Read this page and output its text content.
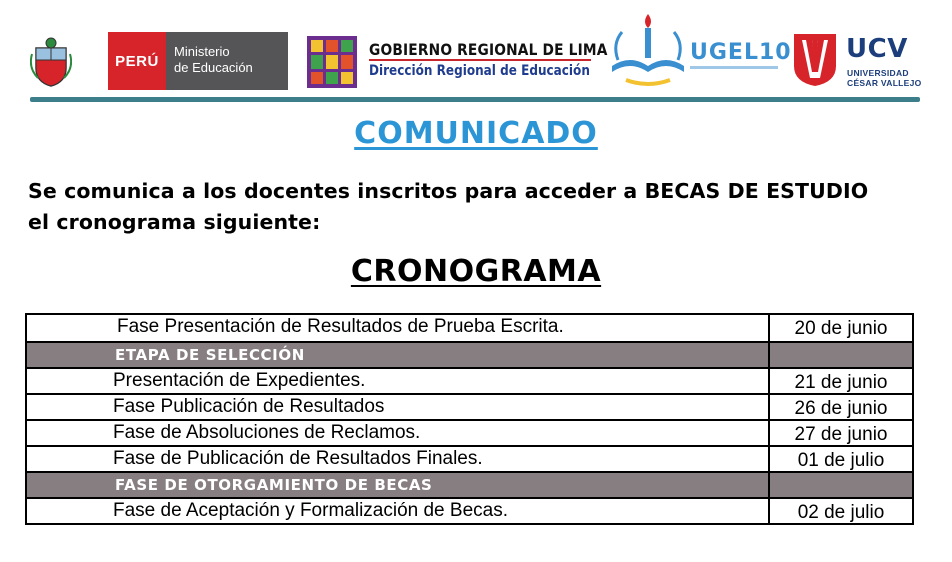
PERÚ
Ministerio
de Educación
GOBIERNO REGIONAL DE LIMA
Dirección Regional de Educación
UGEL10 UCV
UNIVERSIDAD
CÉSAR VALLEJO
COMUNICADO
Se comunica a los docentes inscritos para acceder a BECAS DE ESTUDIO
el cronograma siguiente:
CRONOGRAMA
Fase Presentación de Resultados de Prueba Escrita.	20 de junio
ETAPA DE SELECCIÓN
Presentación de Expedientes.	21 de junio
Fase Publicación de Resultados	26 de junio
Fase de Absoluciones de Reclamos.	27 de junio
Fase de Publicación de Resultados Finales.	01 de julio
FASE DE OTORGAMIENTO DE BECAS
Fase de Aceptación y Formalización de Becas.	02 de julio
